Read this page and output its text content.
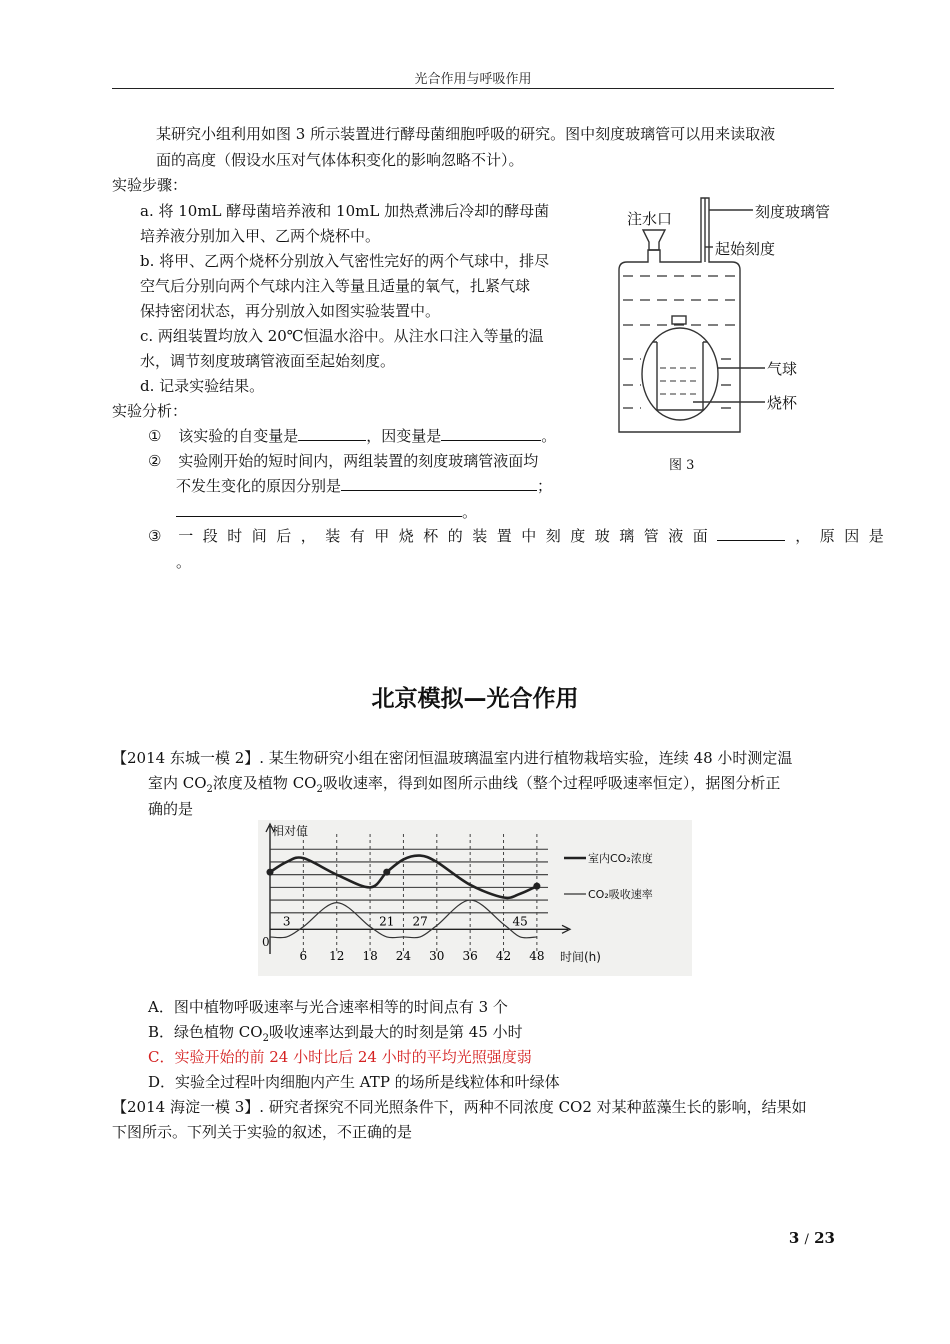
光合作用与呼吸作用
某研究小组利用如图 3 所示装置进行酵母菌细胞呼吸的研究。图中刻度玻璃管可以用来读取液
面的高度（假设水压对气体体积变化的影响忽略不计）。
实验步骤：
a. 将 10mL 酵母菌培养液和 10mL 加热煮沸后冷却的酵母菌
培养液分别加入甲、乙两个烧杯中。
b. 将甲、乙两个烧杯分别放入气密性完好的两个气球中，排尽
空气后分别向两个气球内注入等量且适量的氧气，扎紧气球
保持密闭状态，再分别放入如图实验装置中。
c. 两组装置均放入 20℃恒温水浴中。从注水口注入等量的温
水，调节刻度玻璃管液面至起始刻度。
d. 记录实验结果。
实验分析：
① 该实验的自变量是	，因变量是	。
② 实验刚开始的短时间内，两组装置的刻度玻璃管液面均
不发生变化的原因分别是	；
。
③ 一段时间后，装有甲烧杯的装置中刻度玻璃管液面	，原因是
。
注水口	刻度玻璃管
起始刻度
气球
烧杯
图 3
北京模拟—光合作用
【2014 东城一模 2】. 某生物研究小组在密闭恒温玻璃温室内进行植物栽培实验，连续 48 小时测定温
室内 $CO_2$浓度及植物 $CO_2$吸收速率，得到如图所示曲线（整个过程呼吸速率恒定），据图分析正
确的是
6 12 18 24 30 36 42 48
3	21 27	45
相对值
时间(h)
0
室内CO₂浓度
CO₂吸收速率
A．图中植物呼吸速率与光合速率相等的时间点有 3 个
B．绿色植物 $CO_2$吸收速率达到最大的时刻是第 45 小时
C．实验开始的前 24 小时比后 24 小时的平均光照强度弱
D．实验全过程叶肉细胞内产生 ATP 的场所是线粒体和叶绿体
【2014 海淀一模 3】. 研究者探究不同光照条件下，两种不同浓度 CO2 对某种蓝藻生长的影响，结果如
下图所示。下列关于实验的叙述，不正确的是
3 / 23
